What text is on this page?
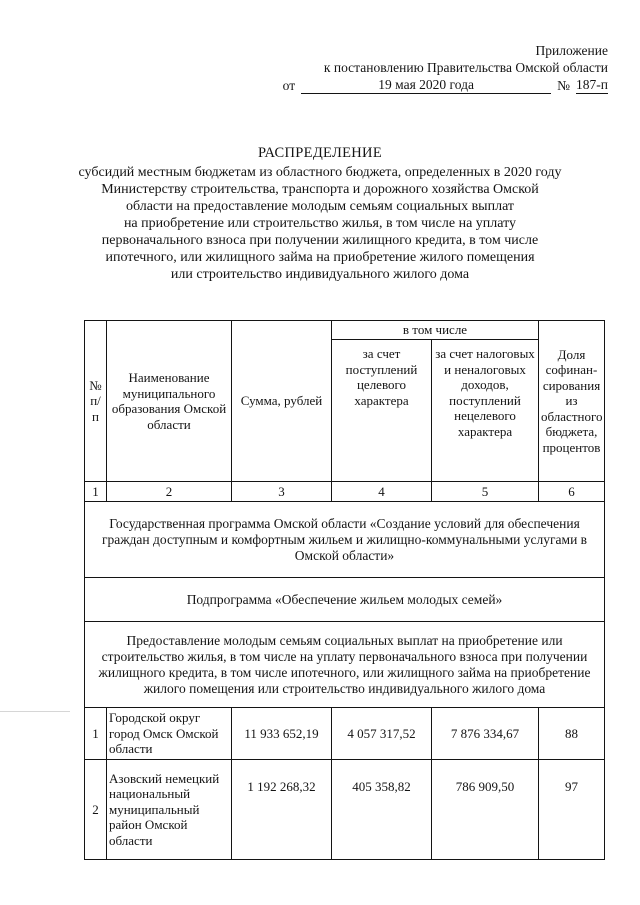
Приложение
к постановлению Правительства Омской области
от	19 мая 2020 года	№ 187-п
РАСПРЕДЕЛЕНИЕ
субсидий местным бюджетам из областного бюджета, определенных в 2020 году
Министерству строительства, транспорта и дорожного хозяйства Омской
области на предоставление молодым семьям социальных выплат
на приобретение или строительство жилья, в том числе на уплату
первоначального взноса при получении жилищного кредита, в том числе
ипотечного, или жилищного займа на приобретение жилого помещения
или строительство индивидуального жилого дома
№ п/п	Наименование муниципального образования Омской области	Сумма, рублей	в том числе		Доля софинан-сирования из областного бюджета, процентов
			за счет поступлений целевого характера	за счет налоговых и неналоговых доходов, поступлений нецелевого характера	
1	2	3	4	5	6
Государственная программа Омской области «Создание условий для обеспечения граждан доступным и комфортным жильем и жилищно-коммунальными услугами в Омской области»					
Подпрограмма «Обеспечение жильем молодых семей»					
Предоставление молодым семьям социальных выплат на приобретение или строительство жилья, в том числе на уплату первоначального взноса при получении жилищного кредита, в том числе ипотечного, или жилищного займа на приобретение жилого помещения или строительство индивидуального жилого дома					
1	Городской округ город Омск Омской области	11 933 652,19	4 057 317,52	7 876 334,67	88
2	Азовский немецкий национальный муниципальный район Омской области	1 192 268,32	405 358,82	786 909,50	97
